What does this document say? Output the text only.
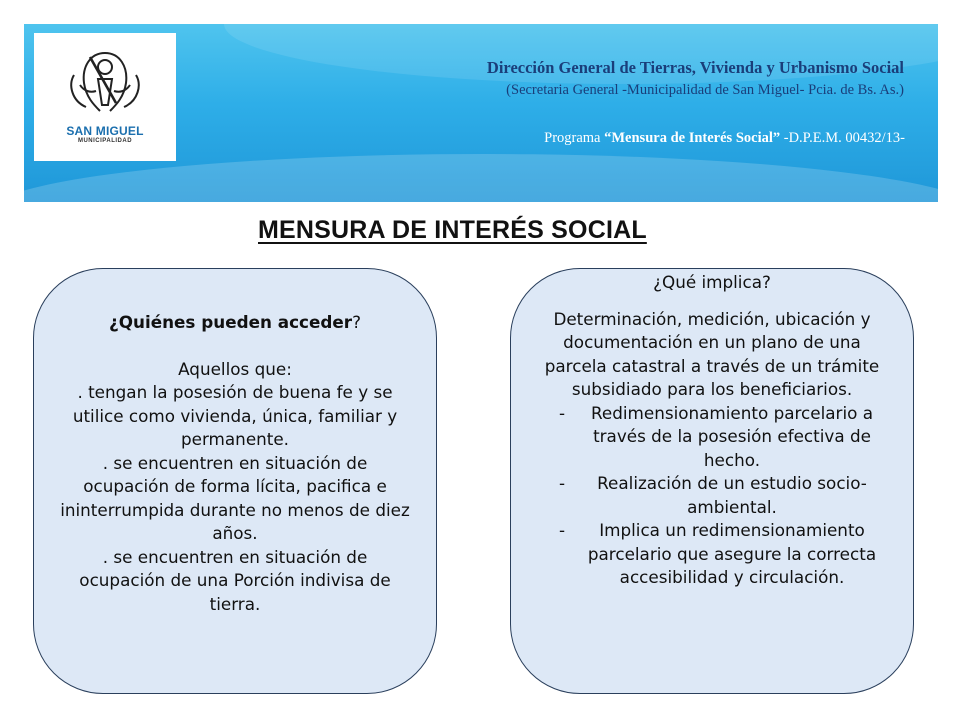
SAN MIGUEL
MUNICIPALIDAD
Dirección General de Tierras, Vivienda y Urbanismo Social
(Secretaria General -Municipalidad de San Miguel- Pcia. de Bs. As.)
Programa “Mensura de Interés Social” -D.P.E.M. 00432/13-
MENSURA DE INTERÉS SOCIAL
¿Quiénes pueden acceder?
Aquellos que:
. tengan la posesión de buena fe y se utilice como vivienda, única, familiar y permanente.
. se encuentren en situación de ocupación de forma lícita, pacifica e ininterrumpida durante no menos de diez años.
. se encuentren en situación de ocupación de una Porción indivisa de tierra.
¿Qué implica?
Determinación, medición, ubicación y documentación en un plano de una parcela catastral a través de un trámite subsidiado para los beneficiarios.
- Redimensionamiento parcelario a través de la posesión efectiva de hecho.
- Realización de un estudio socio-ambiental.
- Implica un redimensionamiento parcelario que asegure la correcta accesibilidad y circulación.
